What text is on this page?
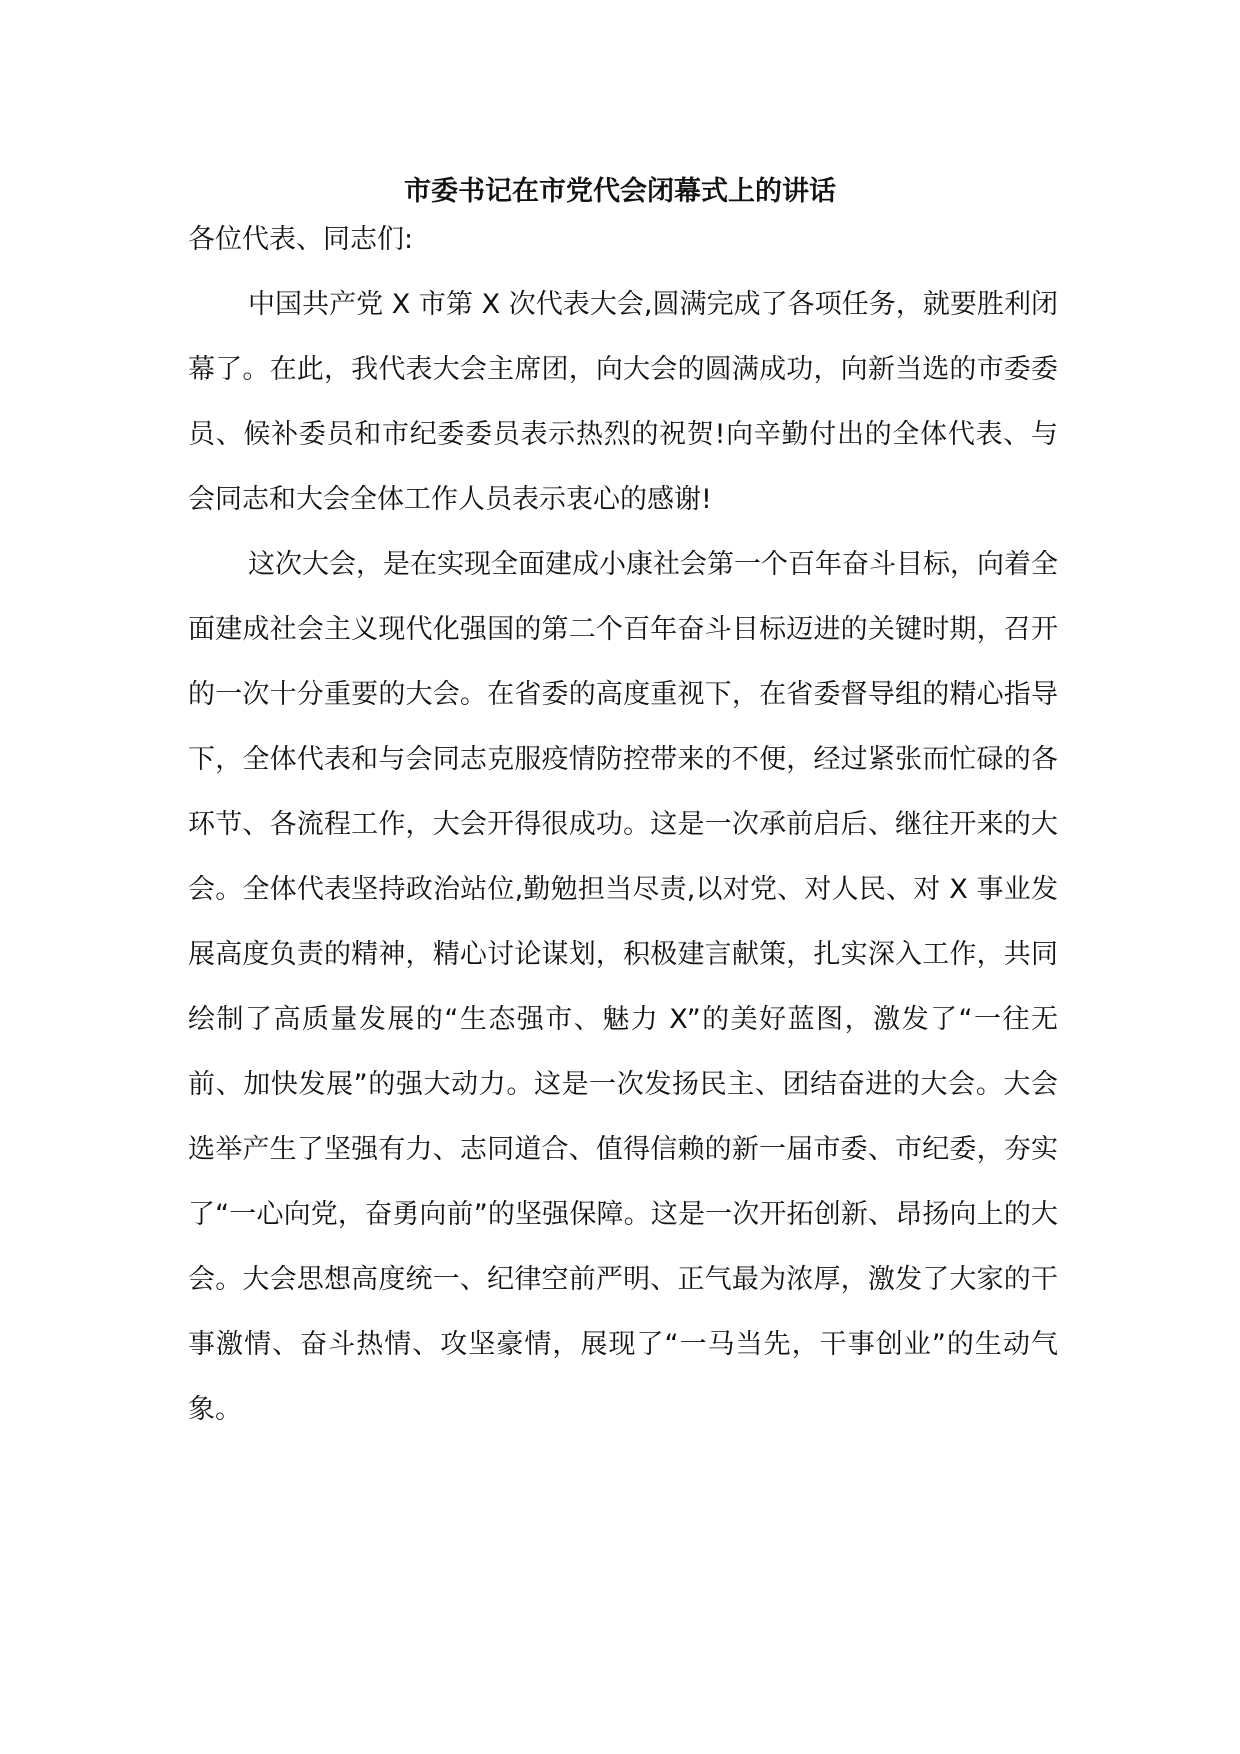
市委书记在市党代会闭幕式上的讲话

各位代表、同志们:

中国共产党 X 市第 X 次代表大会,圆满完成了各项任务，就要胜利闭幕了。在此，我代表大会主席团，向大会的圆满成功，向新当选的市委委员、候补委员和市纪委委员表示热烈的祝贺!向辛勤付出的全体代表、与会同志和大会全体工作人员表示衷心的感谢!

这次大会，是在实现全面建成小康社会第一个百年奋斗目标，向着全面建成社会主义现代化强国的第二个百年奋斗目标迈进的关键时期，召开的一次十分重要的大会。在省委的高度重视下，在省委督导组的精心指导下，全体代表和与会同志克服疫情防控带来的不便，经过紧张而忙碌的各环节、各流程工作，大会开得很成功。这是一次承前启后、继往开来的大会。全体代表坚持政治站位,勤勉担当尽责,以对党、对人民、对 X 事业发展高度负责的精神，精心讨论谋划，积极建言献策，扎实深入工作，共同绘制了高质量发展的“生态强市、魅力 X”的美好蓝图，激发了“一往无前、加快发展”的强大动力。这是一次发扬民主、团结奋进的大会。大会选举产生了坚强有力、志同道合、值得信赖的新一届市委、市纪委，夯实了“一心向党，奋勇向前”的坚强保障。这是一次开拓创新、昂扬向上的大会。大会思想高度统一、纪律空前严明、正气最为浓厚，激发了大家的干事激情、奋斗热情、攻坚豪情，展现了“一马当先，干事创业”的生动气象。
